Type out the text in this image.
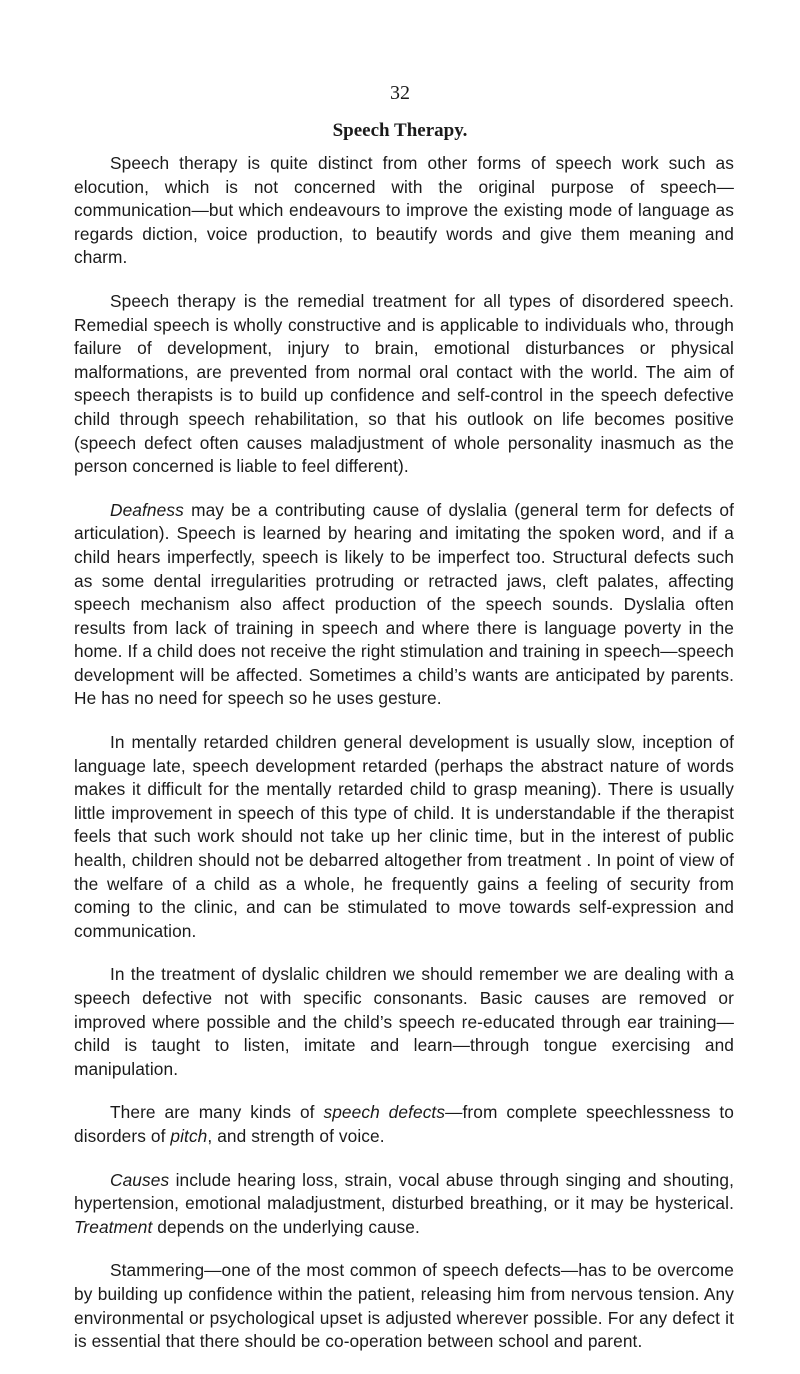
32
Speech Therapy.

Speech therapy is quite distinct from other forms of speech work such as elocution, which is not concerned with the original purpose of speech— communication—but which endeavours to improve the existing mode of language as regards diction, voice production, to beautify words and give them meaning and charm.

Speech therapy is the remedial treatment for all types of disordered speech. Remedial speech is wholly constructive and is applicable to individuals who, through failure of development, injury to brain, emotional disturbances or physical malformations, are prevented from normal oral contact with the world. The aim of speech therapists is to build up confidence and self-control in the speech defective child through speech rehabilitation, so that his outlook on life becomes positive (speech defect often causes maladjustment of whole personality inasmuch as the person concerned is liable to feel different).

Deafness may be a contributing cause of dyslalia (general term for defects of articulation). Speech is learned by hearing and imitating the spoken word, and if a child hears imperfectly, speech is likely to be imperfect too. Structural defects such as some dental irregularities protruding or retracted jaws, cleft palates, affecting speech mechanism also affect production of the speech sounds. Dyslalia often results from lack of training in speech and where there is language poverty in the home. If a child does not receive the right stimulation and training in speech—speech development will be affected. Sometimes a child’s wants are anticipated by parents. He has no need for speech so he uses gesture.

In mentally retarded children general development is usually slow, inception of language late, speech development retarded (perhaps the abstract nature of words makes it difficult for the mentally retarded child to grasp meaning). There is usually little improvement in speech of this type of child. It is understandable if the therapist feels that such work should not take up her clinic time, but in the interest of public health, children should not be debarred altogether from treatment . In point of view of the welfare of a child as a whole, he frequently gains a feeling of security from coming to the clinic, and can be stimulated to move towards self-expression and communication.

In the treatment of dyslalic children we should remember we are dealing with a speech defective not with specific consonants. Basic causes are removed or improved where possible and the child’s speech re-educated through ear training—child is taught to listen, imitate and learn—through tongue exercising and manipulation.

There are many kinds of speech defects—from complete speechlessness to disorders of pitch, and strength of voice.

Causes include hearing loss, strain, vocal abuse through singing and shouting, hypertension, emotional maladjustment, disturbed breathing, or it may be hysterical. Treatment depends on the underlying cause.

Stammering—one of the most common of speech defects—has to be overcome by building up confidence within the patient, releasing him from nervous tension. Any environmental or psychological upset is adjusted wherever possible. For any defect it is essential that there should be co-operation between school and parent.
